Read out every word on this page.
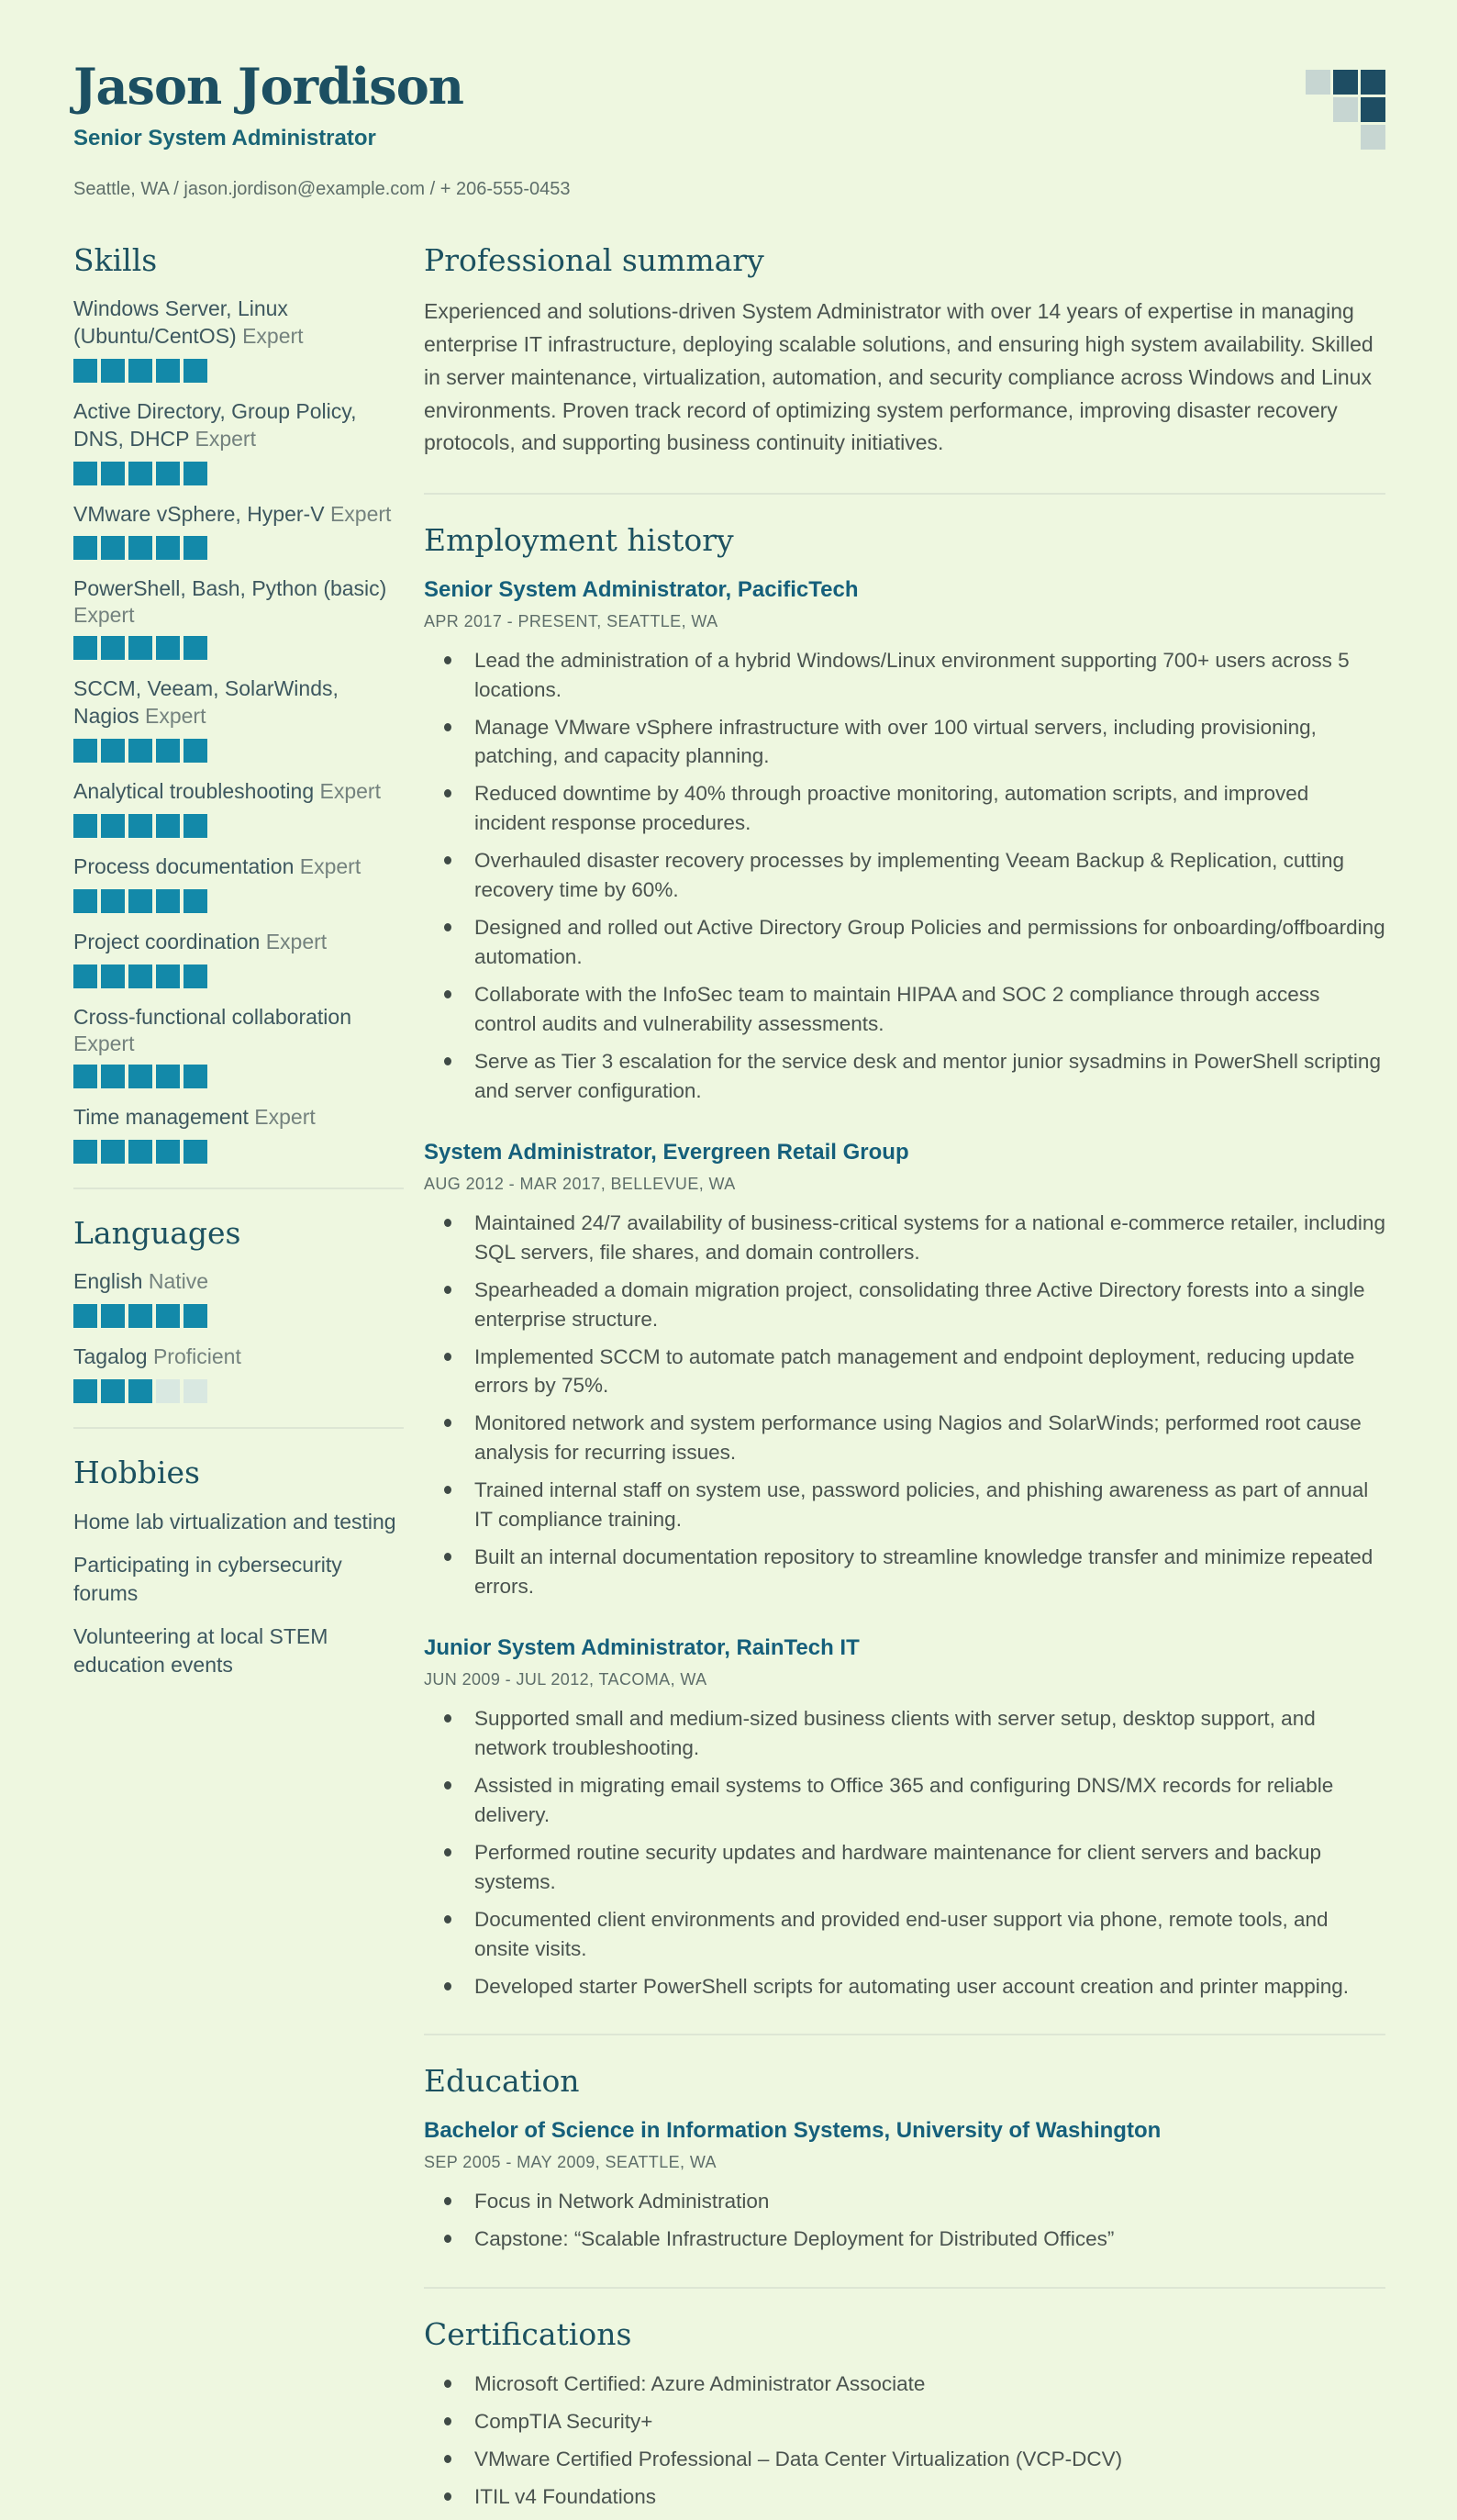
Jason Jordison
Senior System Administrator
Seattle, WA / jason.jordison@example.com / + 206-555-0453
Skills
Windows Server, Linux (Ubuntu/CentOS) Expert
Active Directory, Group Policy, DNS, DHCP Expert
VMware vSphere, Hyper-V Expert
PowerShell, Bash, Python (basic) Expert
SCCM, Veeam, SolarWinds, Nagios Expert
Analytical troubleshooting Expert
Process documentation Expert
Project coordination Expert
Cross-functional collaboration Expert
Time management Expert
Languages
English Native
Tagalog Proficient
Hobbies

Home lab virtualization and testing

Participating in cybersecurity forums

Volunteering at local STEM education events

Professional summary

Experienced and solutions-driven System Administrator with over 14 years of expertise in managing enterprise IT infrastructure, deploying scalable solutions, and ensuring high system availability. Skilled in server maintenance, virtualization, automation, and security compliance across Windows and Linux environments. Proven track record of optimizing system performance, improving disaster recovery protocols, and supporting business continuity initiatives.

Employment history
Senior System Administrator, PacificTech
APR 2017 - PRESENT, SEATTLE, WA
Lead the administration of a hybrid Windows/Linux environment supporting 700+ users across 5 locations.
Manage VMware vSphere infrastructure with over 100 virtual servers, including provisioning, patching, and capacity planning.
Reduced downtime by 40% through proactive monitoring, automation scripts, and improved incident response procedures.
Overhauled disaster recovery processes by implementing Veeam Backup & Replication, cutting recovery time by 60%.
Designed and rolled out Active Directory Group Policies and permissions for onboarding/offboarding automation.
Collaborate with the InfoSec team to maintain HIPAA and SOC 2 compliance through access control audits and vulnerability assessments.
Serve as Tier 3 escalation for the service desk and mentor junior sysadmins in PowerShell scripting and server configuration.
System Administrator, Evergreen Retail Group
AUG 2012 - MAR 2017, BELLEVUE, WA
Maintained 24/7 availability of business-critical systems for a national e-commerce retailer, including SQL servers, file shares, and domain controllers.
Spearheaded a domain migration project, consolidating three Active Directory forests into a single enterprise structure.
Implemented SCCM to automate patch management and endpoint deployment, reducing update errors by 75%.
Monitored network and system performance using Nagios and SolarWinds; performed root cause analysis for recurring issues.
Trained internal staff on system use, password policies, and phishing awareness as part of annual IT compliance training.
Built an internal documentation repository to streamline knowledge transfer and minimize repeated errors.
Junior System Administrator, RainTech IT
JUN 2009 - JUL 2012, TACOMA, WA
Supported small and medium-sized business clients with server setup, desktop support, and network troubleshooting.
Assisted in migrating email systems to Office 365 and configuring DNS/MX records for reliable delivery.
Performed routine security updates and hardware maintenance for client servers and backup systems.
Documented client environments and provided end-user support via phone, remote tools, and onsite visits.
Developed starter PowerShell scripts for automating user account creation and printer mapping.
Education
Bachelor of Science in Information Systems, University of Washington
SEP 2005 - MAY 2009, SEATTLE, WA
Focus in Network Administration
Capstone: “Scalable Infrastructure Deployment for Distributed Offices”
Certifications
Microsoft Certified: Azure Administrator Associate
CompTIA Security+
VMware Certified Professional – Data Center Virtualization (VCP-DCV)
ITIL v4 Foundations
